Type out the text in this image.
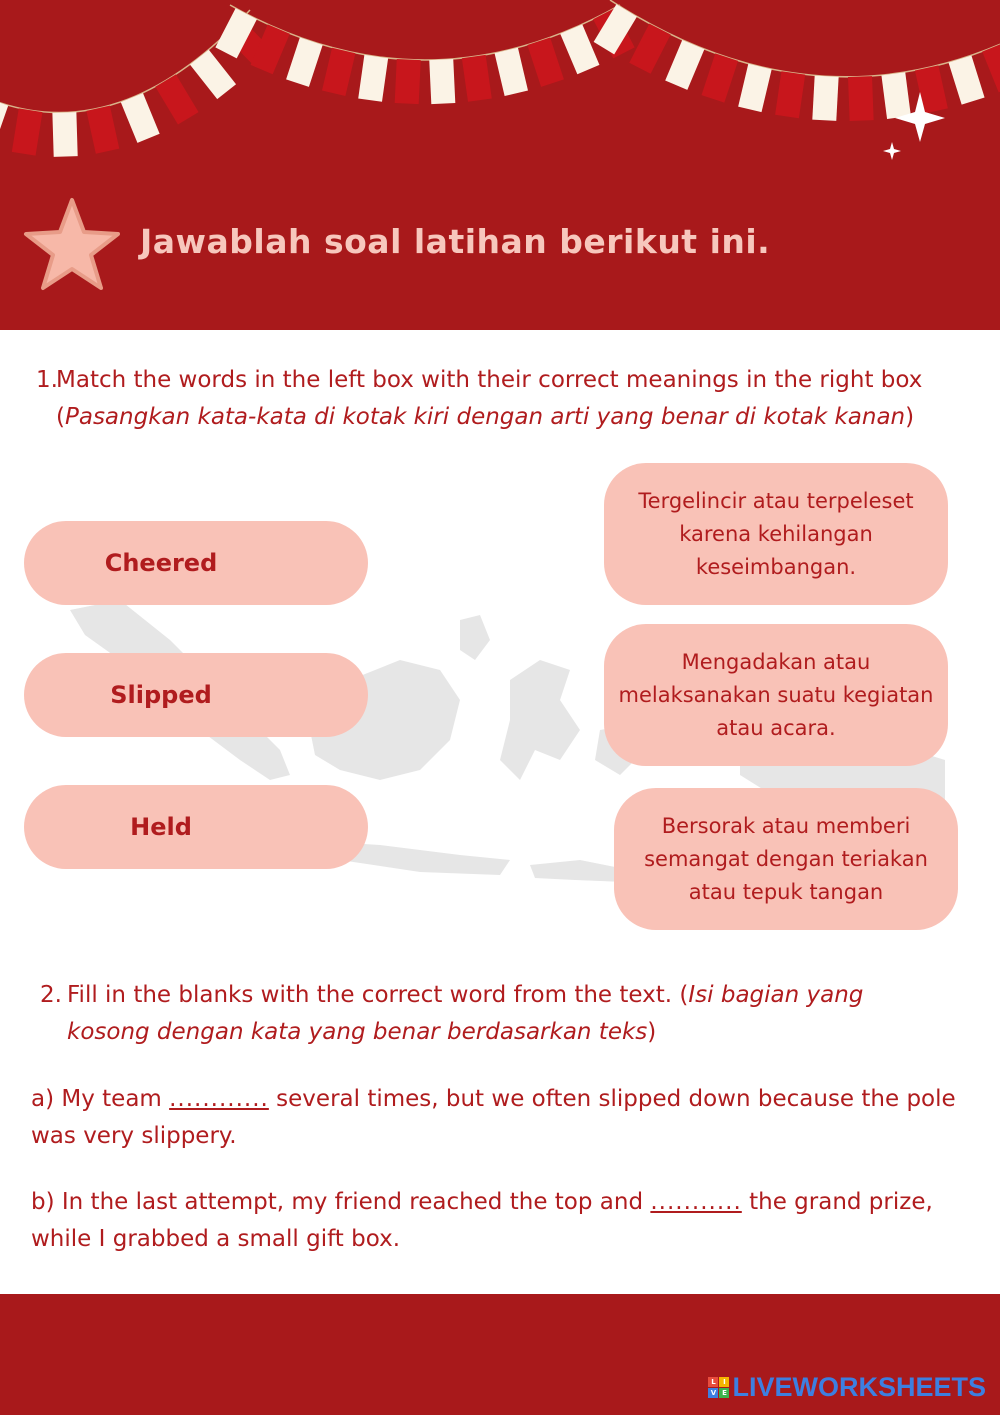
Jawablah soal latihan berikut ini.
1.
Match the words in the left box with their correct meanings in the right box (Pasangkan kata-kata di kotak kiri dengan arti yang benar di kotak kanan)
Cheered
Slipped
Held
Tergelincir atau terpeleset karena kehilangan keseimbangan.
Mengadakan atau melaksanakan suatu kegiatan atau acara.
Bersorak atau memberi semangat dengan teriakan atau tepuk tangan
2. Fill in the blanks with the correct word from the text. (Isi bagian yang kosong dengan kata yang benar berdasarkan teks)
a) My team ............ several times, but we often slipped down because the pole was very slippery.
b) In the last attempt, my friend reached the top and ........... the grand prize, while I grabbed a small gift box.
L	I
V E LIVEWORKSHEETS
